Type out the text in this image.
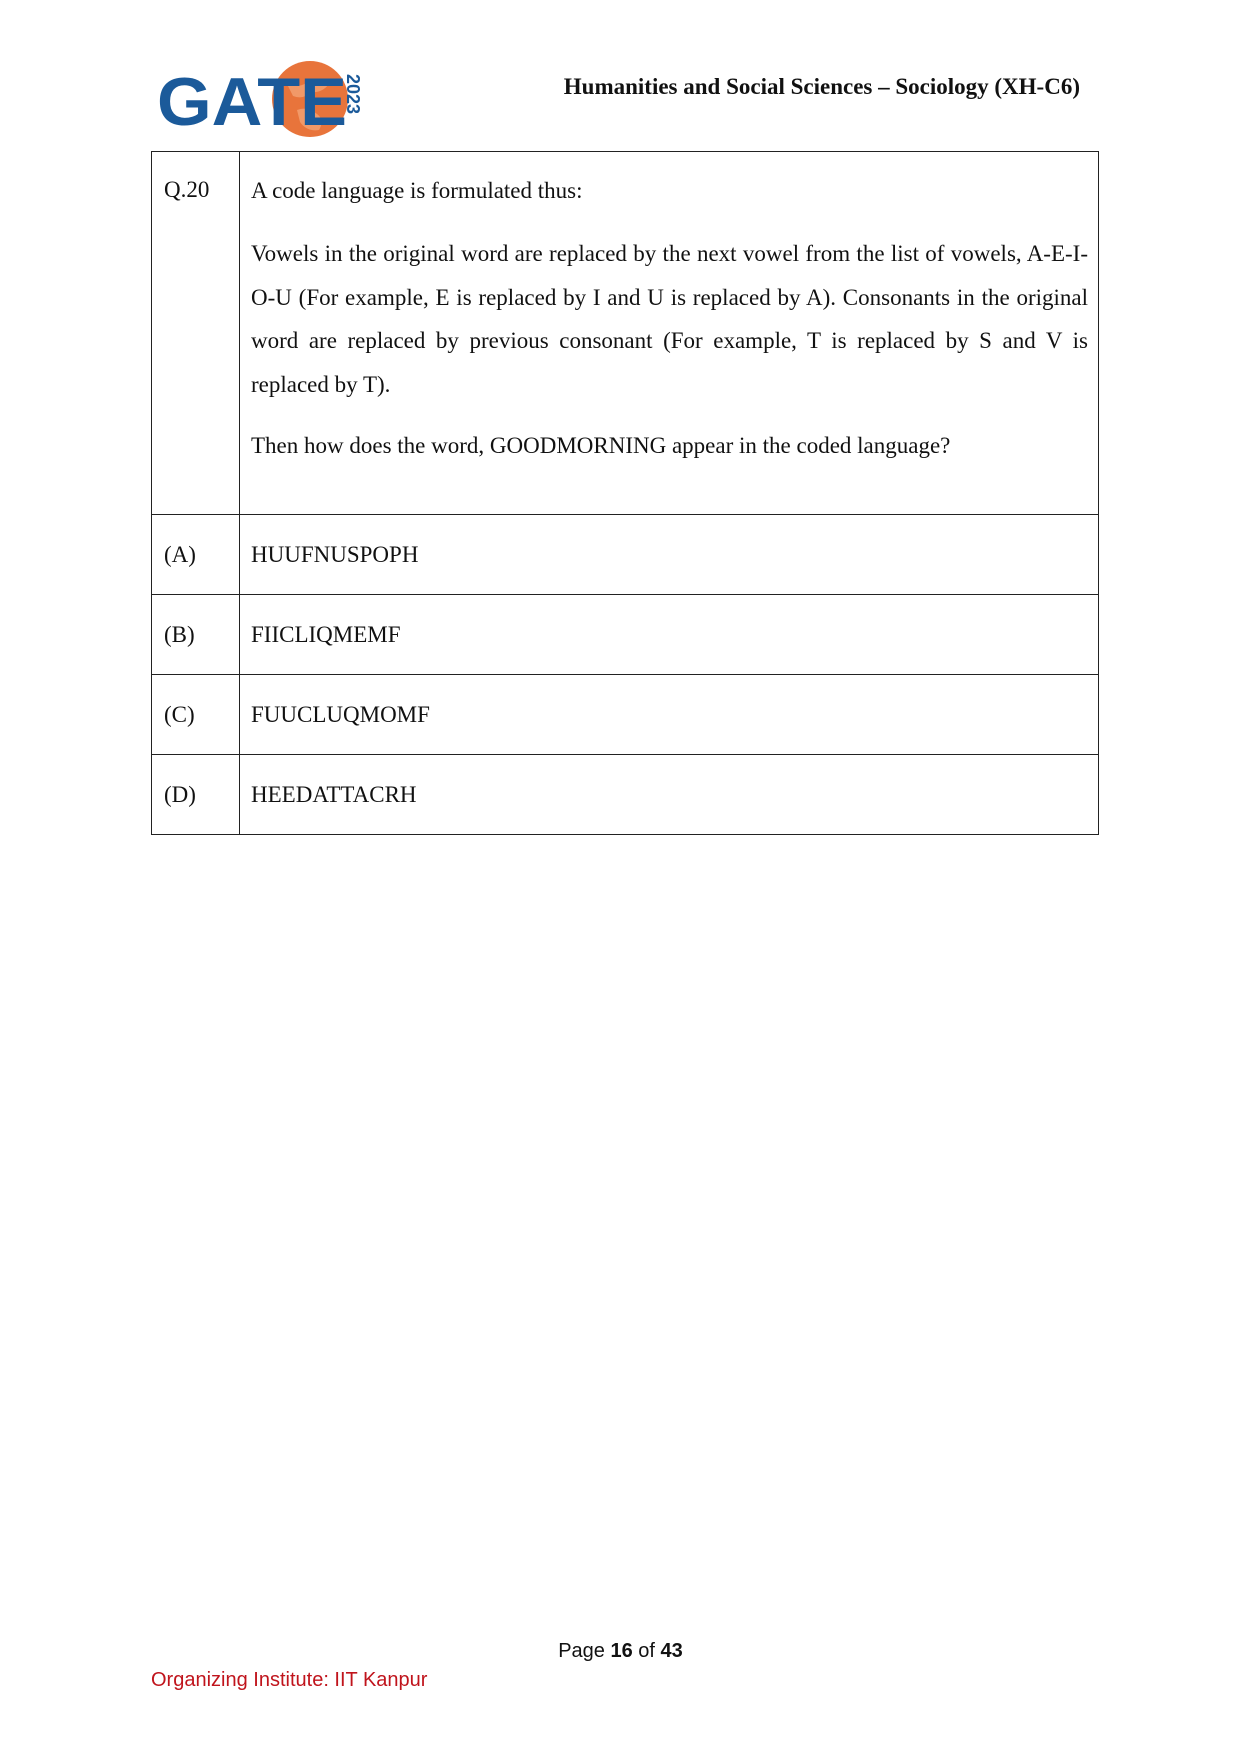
GATE
2023	Humanities and Social Sciences – Sociology (XH-C6)
Q.20	A code language is formulated thus:

Vowels in the original word are replaced by the next vowel from the list of vowels, A-E-I-O-U (For example, E is replaced by I and U is replaced by A). Consonants in the original word are replaced by previous consonant (For example, T is replaced by S and V is replaced by T).

Then how does the word, GOODMORNING appear in the coded language?

(A)	HUUFNUSPOPH
(B)	FIICLIQMEMF
(C)	FUUCLUQMOMF
(D)	HEEDATTACRH
Page 16 of 43
Organizing Institute: IIT Kanpur
